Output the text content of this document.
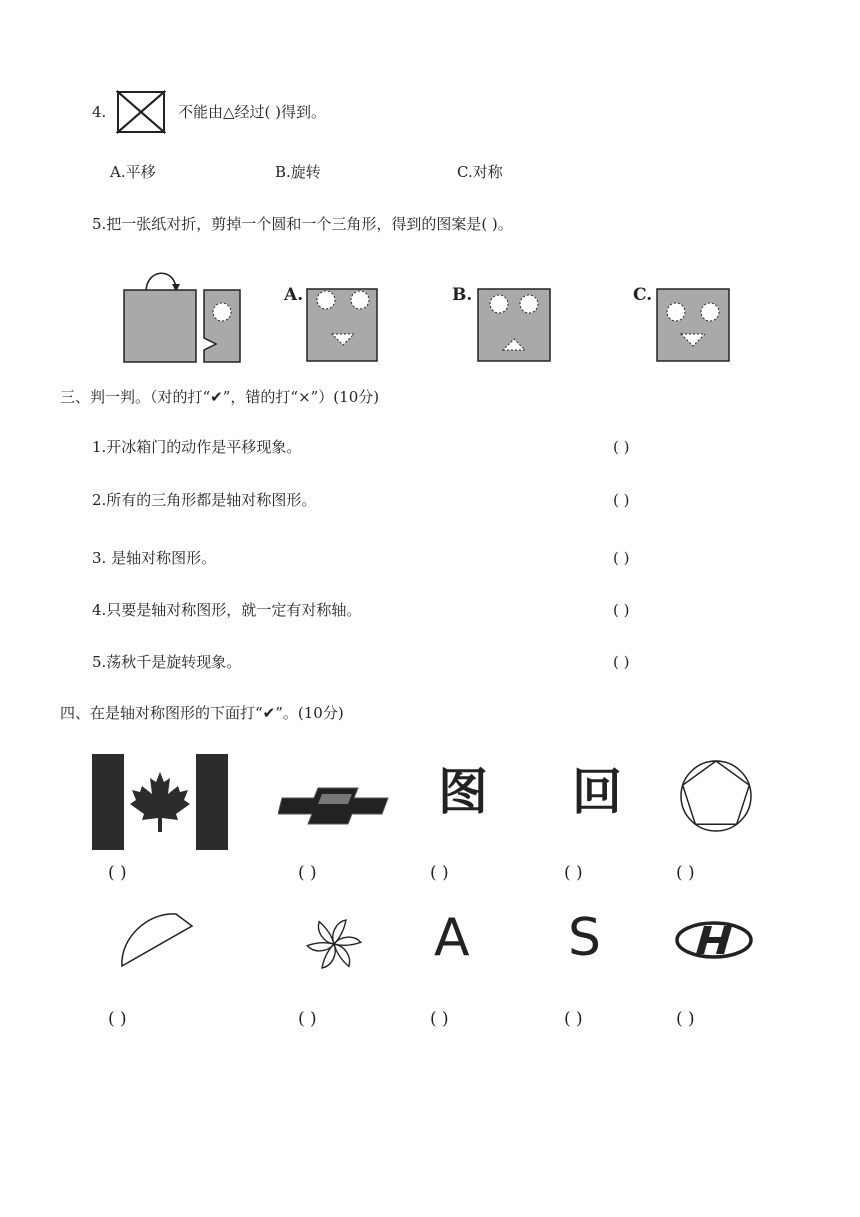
4.	不能由△经过( )得到。
A.平移	B.旋转	C.对称
5.把一张纸对折，剪掉一个圆和一个三角形，得到的图案是( )。
A.	B.	C.
三、判一判。（对的打“✔”，错的打“×”）(10分)
1.开冰箱门的动作是平移现象。	( )
2.所有的三角形都是轴对称图形。	( )
3. 是轴对称图形。	( )
4.只要是轴对称图形，就一定有对称轴。	( )
5.荡秋千是旋转现象。	( )
四、在是轴对称图形的下面打“✔”。(10分)
图 回
( )	( )	( )	( )	( )
A S
( )	( )	( )	( )	( )
